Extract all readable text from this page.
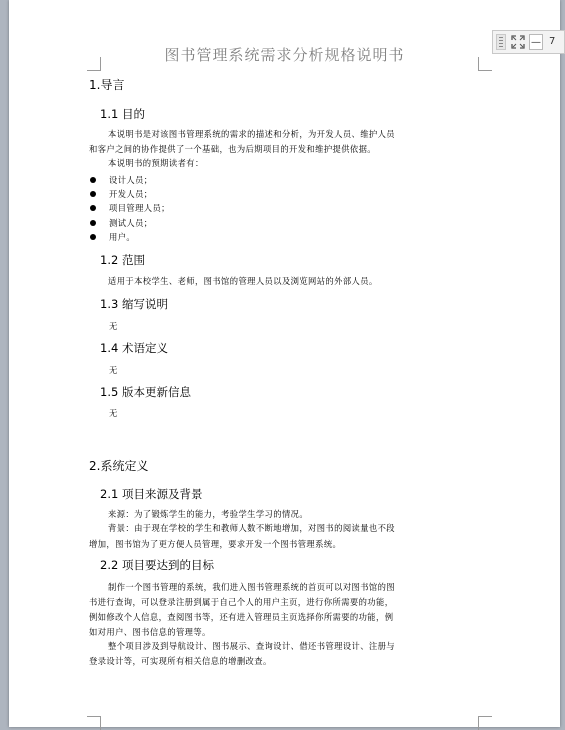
图书管理系统需求分析规格说明书
1.导言
1.1 目的
本说明书是对该图书管理系统的需求的描述和分析，为开发人员、维护人员
和客户之间的协作提供了一个基础，也为后期项目的开发和维护提供依据。
本说明书的预期读者有：
设计人员；
开发人员；
项目管理人员；
测试人员；
用户。
1.2 范围
适用于本校学生、老师，图书馆的管理人员以及浏览网站的外部人员。
1.3 缩写说明
无
1.4 术语定义
无
1.5 版本更新信息
无
2.系统定义
2.1 项目来源及背景
来源：为了锻炼学生的能力，考验学生学习的情况。
背景：由于现在学校的学生和教师人数不断地增加，对图书的阅读量也不段
增加，图书馆为了更方便人员管理，要求开发一个图书管理系统。
2.2 项目要达到的目标
制作一个图书管理的系统，我们进入图书管理系统的首页可以对图书馆的图
书进行查询，可以登录注册到属于自己个人的用户主页，进行你所需要的功能，
例如修改个人信息，查阅图书等，还有进入管理员主页选择你所需要的功能，例
如对用户、图书信息的管理等。
整个项目涉及到导航设计、图书展示、查询设计、借还书管理设计、注册与
登录设计等，可实现所有相关信息的增删改查。
— 7
